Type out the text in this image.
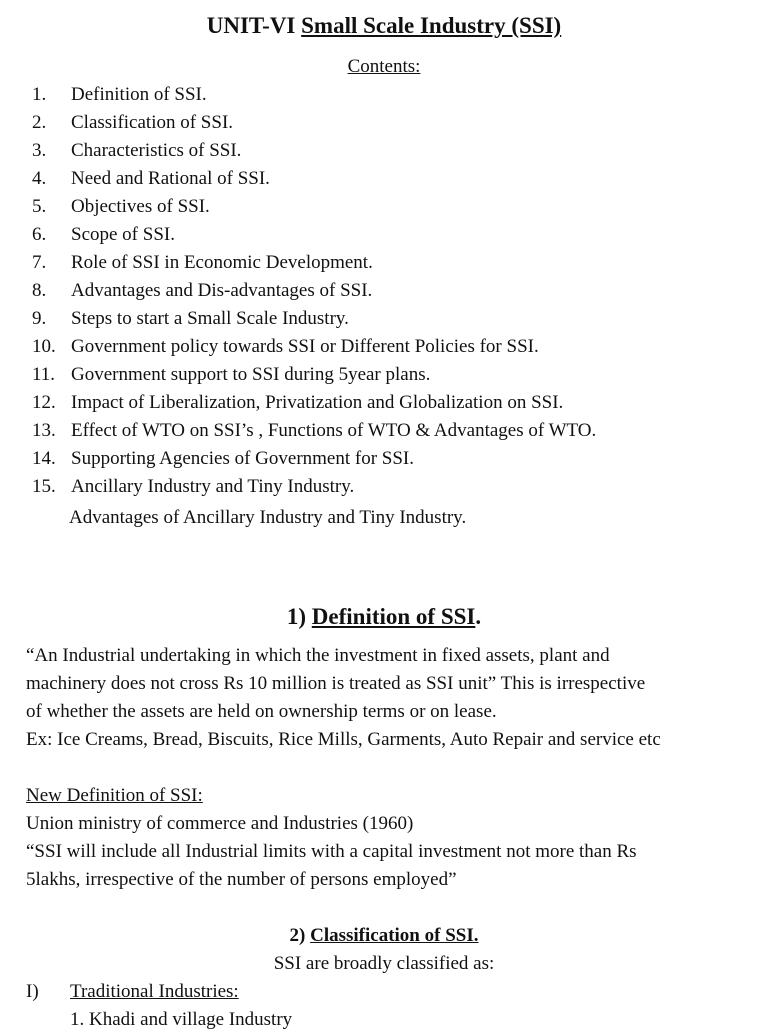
UNIT-VI Small Scale Industry (SSI)
Contents:
1. Definition of SSI.
2. Classification of SSI.
3. Characteristics of SSI.
4. Need and Rational of SSI.
5. Objectives of SSI.
6. Scope of SSI.
7. Role of SSI in Economic Development.
8. Advantages and Dis-advantages of SSI.
9. Steps to start a Small Scale Industry.
10. Government policy towards SSI or Different Policies for SSI.
11. Government support to SSI during 5year plans.
12. Impact of Liberalization, Privatization and Globalization on SSI.
13. Effect of WTO on SSI’s , Functions of WTO & Advantages of WTO.
14. Supporting Agencies of Government for SSI.
15. Ancillary Industry and Tiny Industry.
Advantages of Ancillary Industry and Tiny Industry.
1) Definition of SSI.
“An Industrial undertaking in which the investment in fixed assets, plant and
machinery does not cross Rs 10 million is treated as SSI unit” This is irrespective
of whether the assets are held on ownership terms or on lease.
Ex: Ice Creams, Bread, Biscuits, Rice Mills, Garments, Auto Repair and service etc
New Definition of SSI:
Union ministry of commerce and Industries (1960)
“SSI will include all Industrial limits with a capital investment not more than Rs
5lakhs, irrespective of the number of persons employed”
2) Classification of SSI.
SSI are broadly classified as:
I) Traditional Industries:
1. Khadi and village Industry
